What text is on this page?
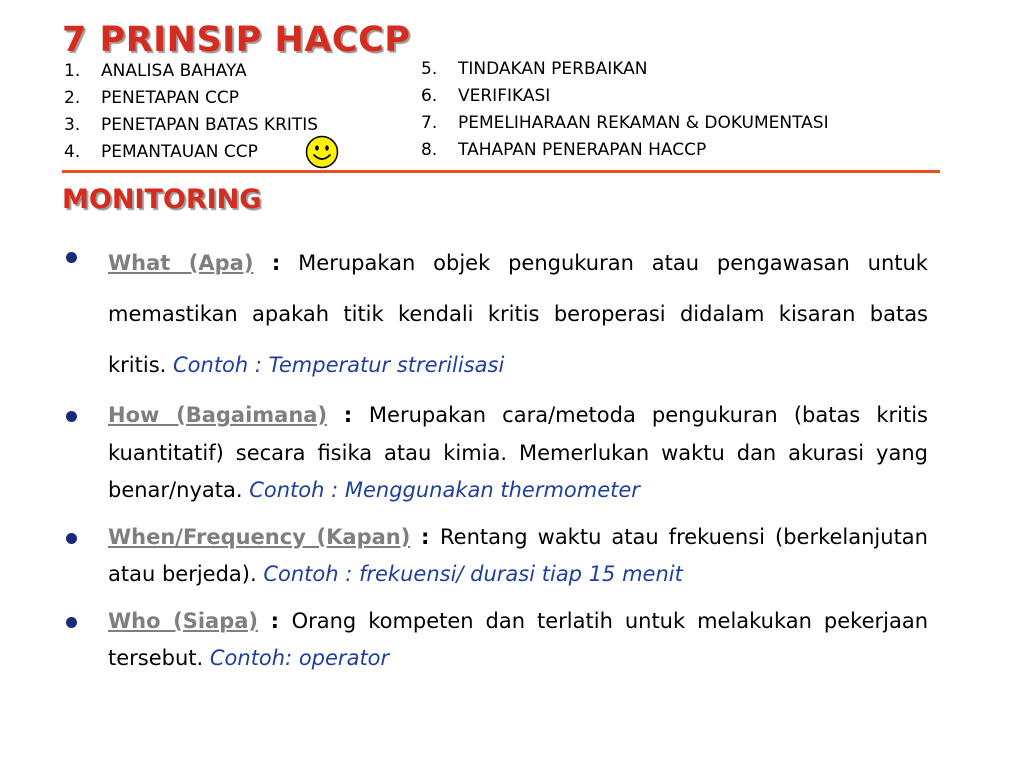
7 PRINSIP HACCP
1. ANALISA BAHAYA
2. PENETAPAN CCP
3. PENETAPAN BATAS KRITIS
4. PEMANTAUAN CCP
5. TINDAKAN PERBAIKAN
6. VERIFIKASI
7. PEMELIHARAAN REKAMAN & DOKUMENTASI
8. TAHAPAN PENERAPAN HACCP
MONITORING
What (Apa) : Merupakan objek pengukuran atau pengawasan untuk memastikan apakah titik kendali kritis beroperasi didalam kisaran batas kritis. Contoh : Temperatur strerilisasi
How (Bagaimana) : Merupakan cara/metoda pengukuran (batas kritis kuantitatif) secara fisika atau kimia. Memerlukan waktu dan akurasi yang benar/nyata. Contoh : Menggunakan thermometer
When/Frequency (Kapan) : Rentang waktu atau frekuensi (berkelanjutan atau berjeda). Contoh : frekuensi/ durasi tiap 15 menit
Who (Siapa) : Orang kompeten dan terlatih untuk melakukan pekerjaan tersebut. Contoh: operator
